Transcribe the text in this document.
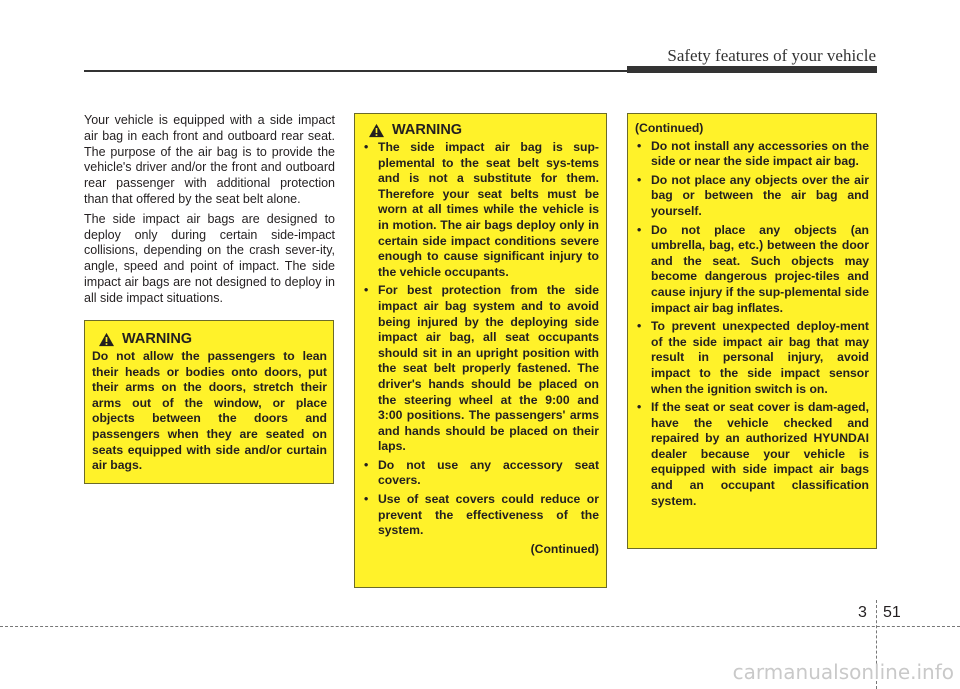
Safety features of your vehicle

Your vehicle is equipped with a side impact air bag in each front and outboard rear seat. The purpose of the air bag is to provide the vehicle's driver and/or the front and outboard rear passenger with additional protection than that offered by the seat belt alone.

The side impact air bags are designed to deploy only during certain side-impact collisions, depending on the crash sever-ity, angle, speed and point of impact. The side impact air bags are not designed to deploy in all side impact situations.

WARNING
Do not allow the passengers to lean their heads or bodies onto doors, put their arms on the doors, stretch their arms out of the window, or place objects between the doors and passengers when they are seated on seats equipped with side and/or curtain air bags.
WARNING
• The side impact air bag is sup-plemental to the seat belt sys-tems and is not a substitute for them. Therefore your seat belts must be worn at all times while the vehicle is in motion. The air bags deploy only in certain side impact conditions severe enough to cause significant injury to the vehicle occupants.
• For best protection from the side impact air bag system and to avoid being injured by the deploying side impact air bag, all seat occupants should sit in an upright position with the seat belt properly fastened. The driver's hands should be placed on the steering wheel at the 9:00 and 3:00 positions. The passengers' arms and hands should be placed on their laps.
• Do not use any accessory seat covers.
• Use of seat covers could reduce or prevent the effectiveness of the system.
(Continued)
(Continued)
• Do not install any accessories on the side or near the side impact air bag.
• Do not place any objects over the air bag or between the air bag and yourself.
• Do not place any objects (an umbrella, bag, etc.) between the door and the seat. Such objects may become dangerous projec-tiles and cause injury if the sup-plemental side impact air bag inflates.
• To prevent unexpected deploy-ment of the side impact air bag that may result in personal injury, avoid impact to the side impact sensor when the ignition switch is on.
• If the seat or seat cover is dam-aged, have the vehicle checked and repaired by an authorized HYUNDAI dealer because your vehicle is equipped with side impact air bags and an occupant classification system.
3 51
carmanualsonline.info
